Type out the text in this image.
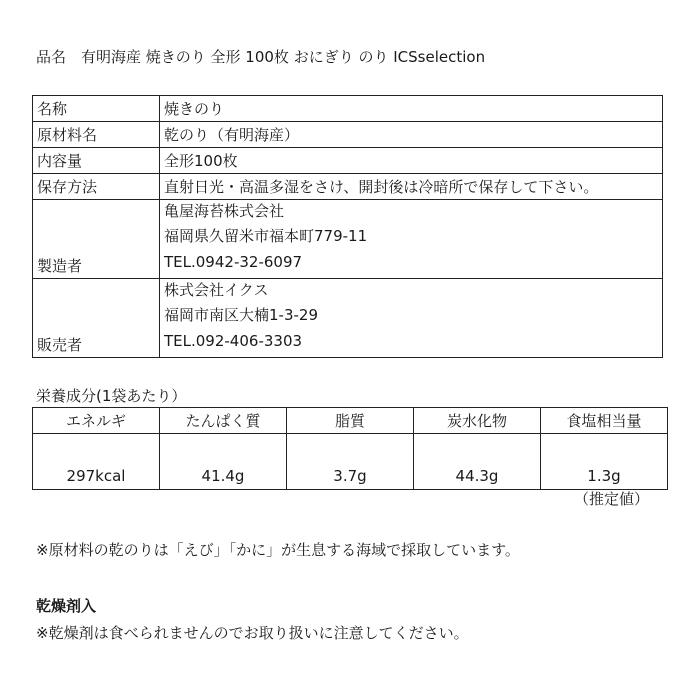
品名　有明海産 焼きのり 全形 100枚 おにぎり のり ICSselection
名称	焼きのり
原材料名	乾のり（有明海産）
内容量	全形100枚
保存方法	直射日光・高温多湿をさけ、開封後は冷暗所で保存して下さい。
製造者	亀屋海苔株式会社
福岡県久留米市福本町779-11
TEL.0942-32-6097

販売者	株式会社イクス
福岡市南区大楠1-3-29
TEL.092-406-3303
栄養成分(1袋あたり）
エネルギ	たんぱく質	脂質	炭水化物	食塩相当量
297kcal	41.4g	3.7g	44.3g	1.3g
（推定値）
※原材料の乾のりは「えび」「かに」が生息する海域で採取しています。
乾燥剤入
※乾燥剤は食べられませんのでお取り扱いに注意してください。
